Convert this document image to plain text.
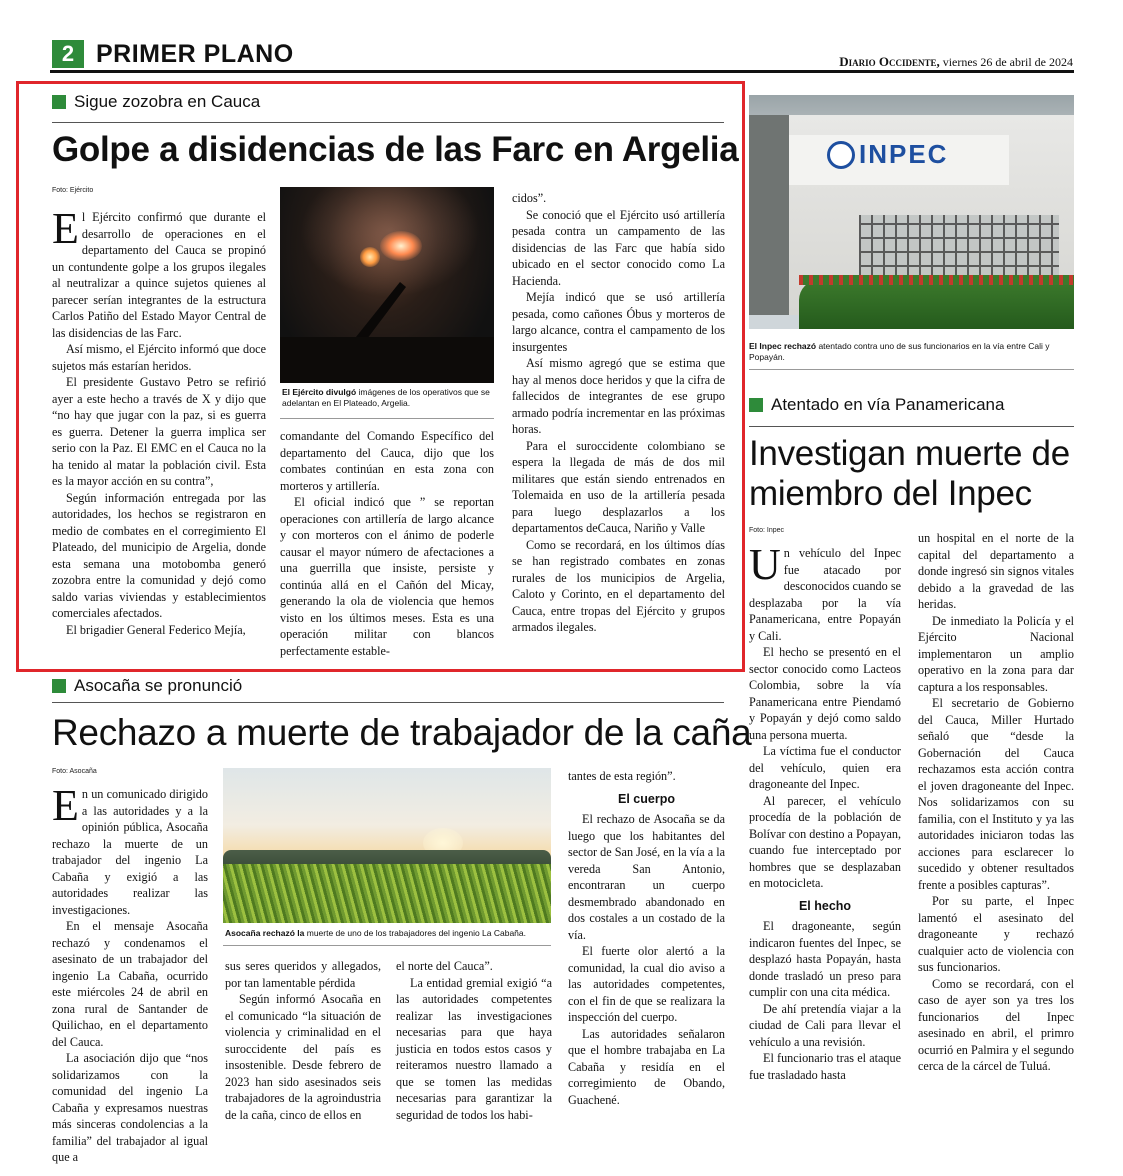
2 PRIMER PLANO	Diario Occidente, viernes 26 de abril de 2024
Sigue zozobra en Cauca
Golpe a disidencias de las Farc en Argelia
Foto: Ejército
E l Ejército confirmó que durante el desarrollo de operaciones en el departamento del Cauca se propinó un contundente golpe a los grupos ilegales al neutralizar a quince sujetos quienes al parecer serían integrantes de la estructura Carlos Patiño del Estado Mayor Central de las disidencias de las Farc.

Así mismo, el Ejército informó que doce sujetos más estarían heridos.

El presidente Gustavo Petro se refirió ayer a este hecho a través de X y dijo que “no hay que jugar con la paz, si es guerra es guerra. Detener la guerra implica ser serio con la Paz. El EMC en el Cauca no la ha tenido al matar la población civil. Esta es la mayor acción en su contra”,

Según información entregada por las autoridades, los hechos se registraron en medio de combates en el corregimiento El Plateado, del municipio de Argelia, donde esta semana una motobomba generó zozobra entre la comunidad y dejó como saldo varias viviendas y establecimientos comerciales afectados.

El brigadier General Federico Mejía,

El Ejército divulgó imágenes de los operativos que se adelantan en El Plateado, Argelia.

comandante del Comando Específico del departamento del Cauca, dijo que los combates continúan en esta zona con morteros y artillería.

El oficial indicó que ” se reportan operaciones con artillería de largo alcance y con morteros con el ánimo de poderle causar el mayor número de afectaciones a una guerrilla que insiste, persiste y continúa allá en el Cañón del Micay, generando la ola de violencia que hemos visto en los últimos meses. Esta es una operación militar con blancos perfectamente estable-

cidos”.

Se conoció que el Ejército usó artillería pesada contra un campamento de las disidencias de las Farc que había sido ubicado en el sector conocido como La Hacienda.

Mejía indicó que se usó artillería pesada, como cañones Óbus y morteros de largo alcance, contra el campamento de los insurgentes

Así mismo agregó que se estima que hay al menos doce heridos y que la cifra de fallecidos de integrantes de ese grupo armado podría incrementar en las próximas horas.

Para el suroccidente colombiano se espera la llegada de más de dos mil militares que están siendo entrenados en Tolemaida en uso de la artillería pesada para luego desplazarlos a los departamentos deCauca, Nariño y Valle

Como se recordará, en los últimos días se han registrado combates en zonas rurales de los municipios de Argelia, Caloto y Corinto, en el departamento del Cauca, entre tropas del Ejército y grupos armados ilegales.

INPEC
El Inpec rechazó atentado contra uno de sus funcionarios en la vía entre Cali y Popayán.
Atentado en vía Panamericana
Investigan muerte de miembro del Inpec
Foto: Inpec
U n vehículo del Inpec fue atacado por desconocidos cuando se desplazaba por la vía Panamericana, entre Popayán y Cali.

El hecho se presentó en el sector conocido como Lacteos Colombia, sobre la vía Panamericana entre Piendamó y Popayán y dejó como saldo una persona muerta.

La víctima fue el conductor del vehículo, quien era dragoneante del Inpec.

Al parecer, el vehículo procedía de la población de Bolívar con destino a Popayan, cuando fue interceptado por hombres que se desplazaban en motocicleta.

El hecho

El dragoneante, según indicaron fuentes del Inpec, se desplazó hasta Popayán, hasta donde trasladó un preso para cumplir con una cita médica.

De ahí pretendía viajar a la ciudad de Cali para llevar el vehículo a una revisión.

El funcionario tras el ataque fue trasladado hasta

un hospital en el norte de la capital del departamento a donde ingresó sin signos vitales debido a la gravedad de las heridas.

De inmediato la Policía y el Ejército Nacional implementaron un amplio operativo en la zona para dar captura a los responsables.

El secretario de Gobierno del Cauca, Miller Hurtado señaló que “desde la Gobernación del Cauca rechazamos esta acción contra el joven dragoneante del Inpec. Nos solidarizamos con su familia, con el Instituto y ya las autoridades iniciaron todas las acciones para esclarecer lo sucedido y obtener resultados frente a posibles capturas”.

Por su parte, el Inpec lamentó el asesinato del dragoneante y rechazó cualquier acto de violencia con sus funcionarios.

Como se recordará, con el caso de ayer son ya tres los funcionarios del Inpec asesinado en abril, el primro ocurrió en Palmira y el segundo cerca de la cárcel de Tuluá.

Asocaña se pronunció
Rechazo a muerte de trabajador de la caña
Foto: Asocaña
E n un comunicado dirigido a las autoridades y a la opinión pública, Asocaña rechazo la muerte de un trabajador del ingenio La Cabaña y exigió a las autoridades realizar las investigaciones.

En el mensaje Asocaña rechazó y condenamos el asesinato de un trabajador del ingenio La Cabaña, ocurrido este miércoles 24 de abril en zona rural de Santander de Quilichao, en el departamento del Cauca.

La asociación dijo que “nos solidarizamos con la comunidad del ingenio La Cabaña y expresamos nuestras más sinceras condolencias a la familia” del trabajador al igual que a

Asocaña rechazó la muerte de uno de los trabajadores del ingenio La Cabaña.

sus seres queridos y allegados, por tan lamentable pérdida

Según informó Asocaña en el comunicado “la situación de violencia y criminalidad en el suroccidente del país es insostenible. Desde febrero de 2023 han sido asesinados seis trabajadores de la agroindustria de la caña, cinco de ellos en

el norte del Cauca”.

La entidad gremial exigió “a las autoridades competentes realizar las investigaciones necesarias para que haya justicia en todos estos casos y reiteramos nuestro llamado a que se tomen las medidas necesarias para garantizar la seguridad de todos los habi-

tantes de esta región”.

El cuerpo

El rechazo de Asocaña se da luego que los habitantes del sector de San José, en la vía a la vereda San Antonio, encontraran un cuerpo desmembrado abandonado en dos costales a un costado de la vía.

El fuerte olor alertó a la comunidad, la cual dio aviso a las autoridades competentes, con el fin de que se realizara la inspección del cuerpo.

Las autoridades señalaron que el hombre trabajaba en La Cabaña y residía en el corregimiento de Obando, Guachené.
